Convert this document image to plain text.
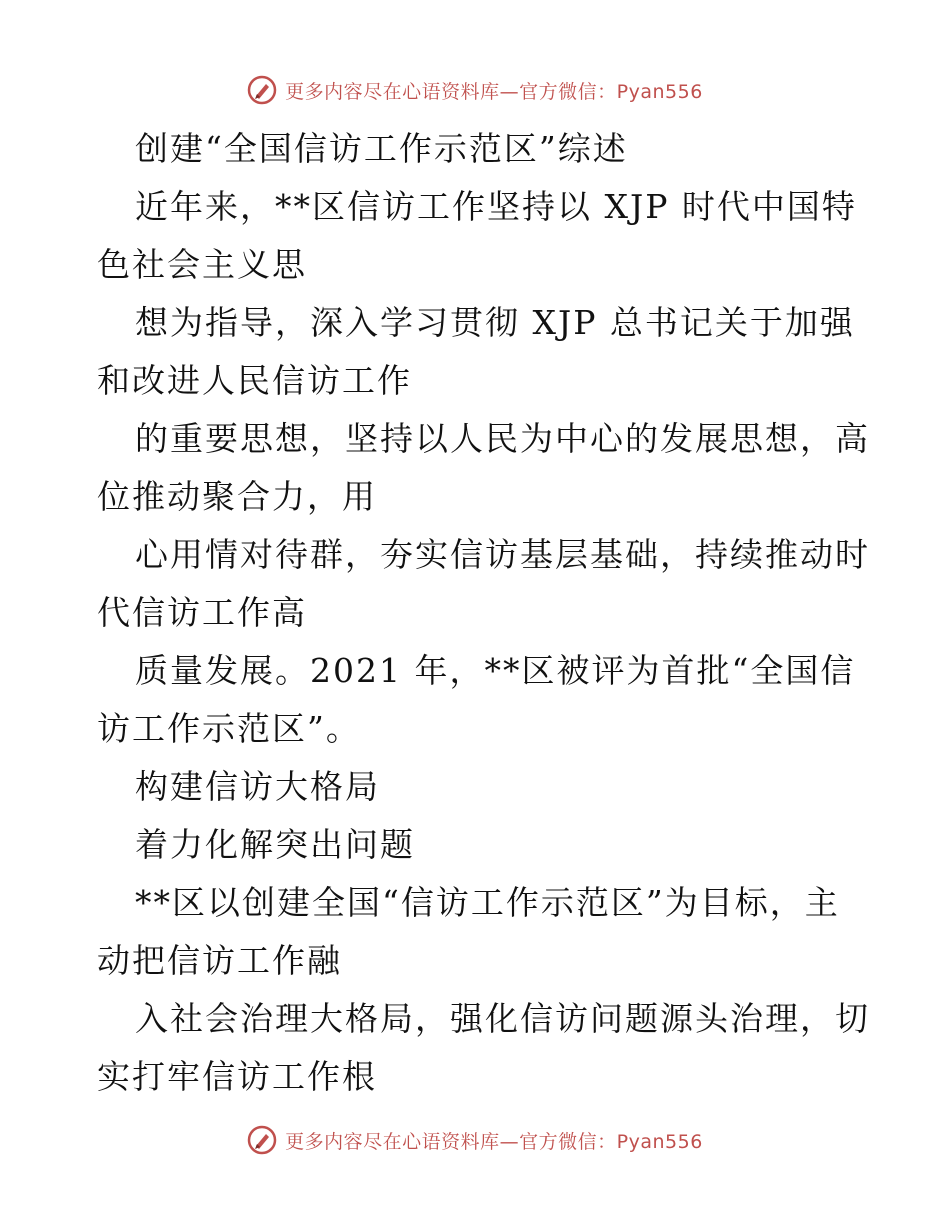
更多内容尽在心语资料库—官方微信：Pyan556
创建“全国信访工作示范区”综述
近年来，**区信访工作坚持以 XJP 时代中国特
色社会主义思
想为指导，深入学习贯彻 XJP 总书记关于加强
和改进人民信访工作
的重要思想，坚持以人民为中心的发展思想，高
位推动聚合力，用
心用情对待群，夯实信访基层基础，持续推动时
代信访工作高
质量发展。2021 年，**区被评为首批“全国信
访工作示范区”。
构建信访大格局
着力化解突出问题
**区以创建全国“信访工作示范区”为目标，主
动把信访工作融
入社会治理大格局，强化信访问题源头治理，切
实打牢信访工作根
更多内容尽在心语资料库—官方微信：Pyan556
